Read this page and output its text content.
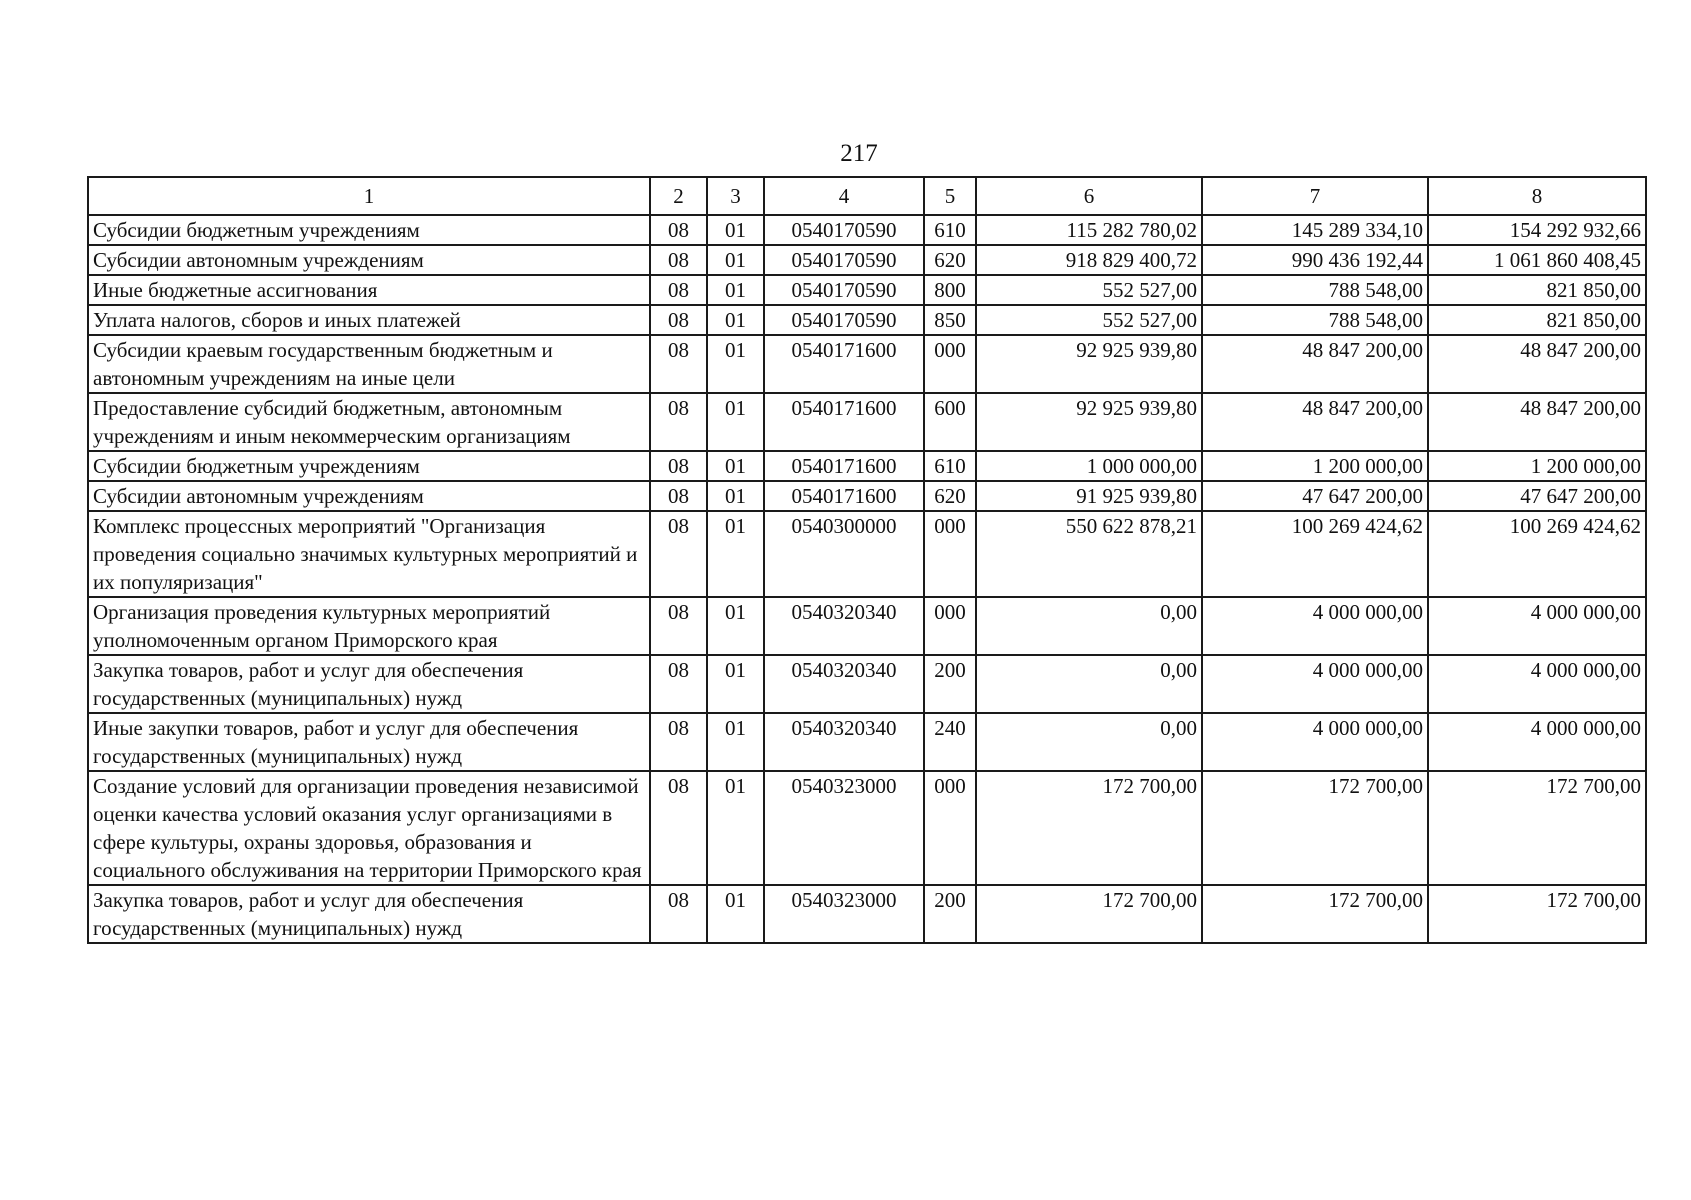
217
1	2	3	4	5	6	7	8
Субсидии бюджетным учреждениям	08	01	0540170590	610	115 282 780,02	145 289 334,10	154 292 932,66
Субсидии автономным учреждениям	08	01	0540170590	620	918 829 400,72	990 436 192,44	1 061 860 408,45
Иные бюджетные ассигнования	08	01	0540170590	800	552 527,00	788 548,00	821 850,00
Уплата налогов, сборов и иных платежей	08	01	0540170590	850	552 527,00	788 548,00	821 850,00
Субсидии краевым государственным бюджетным и автономным учреждениям на иные цели	08	01	0540171600	000	92 925 939,80	48 847 200,00	48 847 200,00
Предоставление субсидий бюджетным, автономным учреждениям и иным некоммерческим организациям	08	01	0540171600	600	92 925 939,80	48 847 200,00	48 847 200,00
Субсидии бюджетным учреждениям	08	01	0540171600	610	1 000 000,00	1 200 000,00	1 200 000,00
Субсидии автономным учреждениям	08	01	0540171600	620	91 925 939,80	47 647 200,00	47 647 200,00
Комплекс процессных мероприятий "Организация проведения социально значимых культурных мероприятий и их популяризация"	08	01	0540300000	000	550 622 878,21	100 269 424,62	100 269 424,62
Организация проведения культурных мероприятий уполномоченным органом Приморского края	08	01	0540320340	000	0,00	4 000 000,00	4 000 000,00
Закупка товаров, работ и услуг для обеспечения государственных (муниципальных) нужд	08	01	0540320340	200	0,00	4 000 000,00	4 000 000,00
Иные закупки товаров, работ и услуг для обеспечения государственных (муниципальных) нужд	08	01	0540320340	240	0,00	4 000 000,00	4 000 000,00
Создание условий для организации проведения независимой оценки качества условий оказания услуг организациями в сфере культуры, охраны здоровья, образования и социального обслуживания на территории Приморского края	08	01	0540323000	000	172 700,00	172 700,00	172 700,00
Закупка товаров, работ и услуг для обеспечения государственных (муниципальных) нужд	08	01	0540323000	200	172 700,00	172 700,00	172 700,00
